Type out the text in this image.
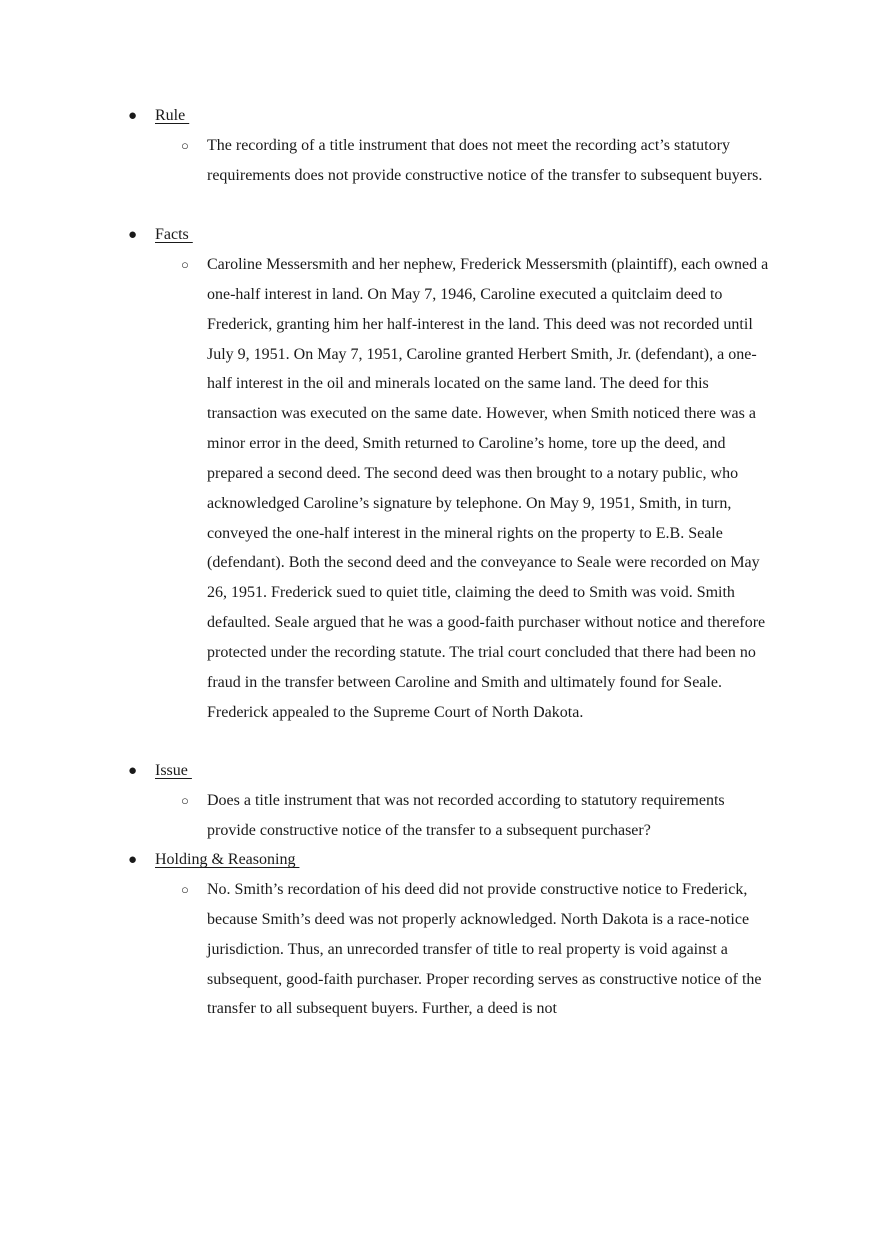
● Rule
○ The recording of a title instrument that does not meet the recording act’s statutory requirements does not provide constructive notice of the transfer to subsequent buyers.
● Facts
○ Caroline Messersmith and her nephew, Frederick Messersmith (plaintiff), each owned a one-half interest in land. On May 7, 1946, Caroline executed a quitclaim deed to Frederick, granting him her half-interest in the land. This deed was not recorded until July 9, 1951. On May 7, 1951, Caroline granted Herbert Smith, Jr. (defendant), a one-half interest in the oil and minerals located on the same land. The deed for this transaction was executed on the same date. However, when Smith noticed there was a minor error in the deed, Smith returned to Caroline’s home, tore up the deed, and prepared a second deed. The second deed was then brought to a notary public, who acknowledged Caroline’s signature by telephone. On May 9, 1951, Smith, in turn, conveyed the one-half interest in the mineral rights on the property to E.B. Seale (defendant). Both the second deed and the conveyance to Seale were recorded on May 26, 1951. Frederick sued to quiet title, claiming the deed to Smith was void. Smith defaulted. Seale argued that he was a good-faith purchaser without notice and therefore protected under the recording statute. The trial court concluded that there had been no fraud in the transfer between Caroline and Smith and ultimately found for Seale. Frederick appealed to the Supreme Court of North Dakota.
● Issue
○ Does a title instrument that was not recorded according to statutory requirements provide constructive notice of the transfer to a subsequent purchaser?
● Holding & Reasoning
○ No. Smith’s recordation of his deed did not provide constructive notice to Frederick, because Smith’s deed was not properly acknowledged. North Dakota is a race-notice jurisdiction. Thus, an unrecorded transfer of title to real property is void against a subsequent, good-faith purchaser. Proper recording serves as constructive notice of the transfer to all subsequent buyers. Further, a deed is not
